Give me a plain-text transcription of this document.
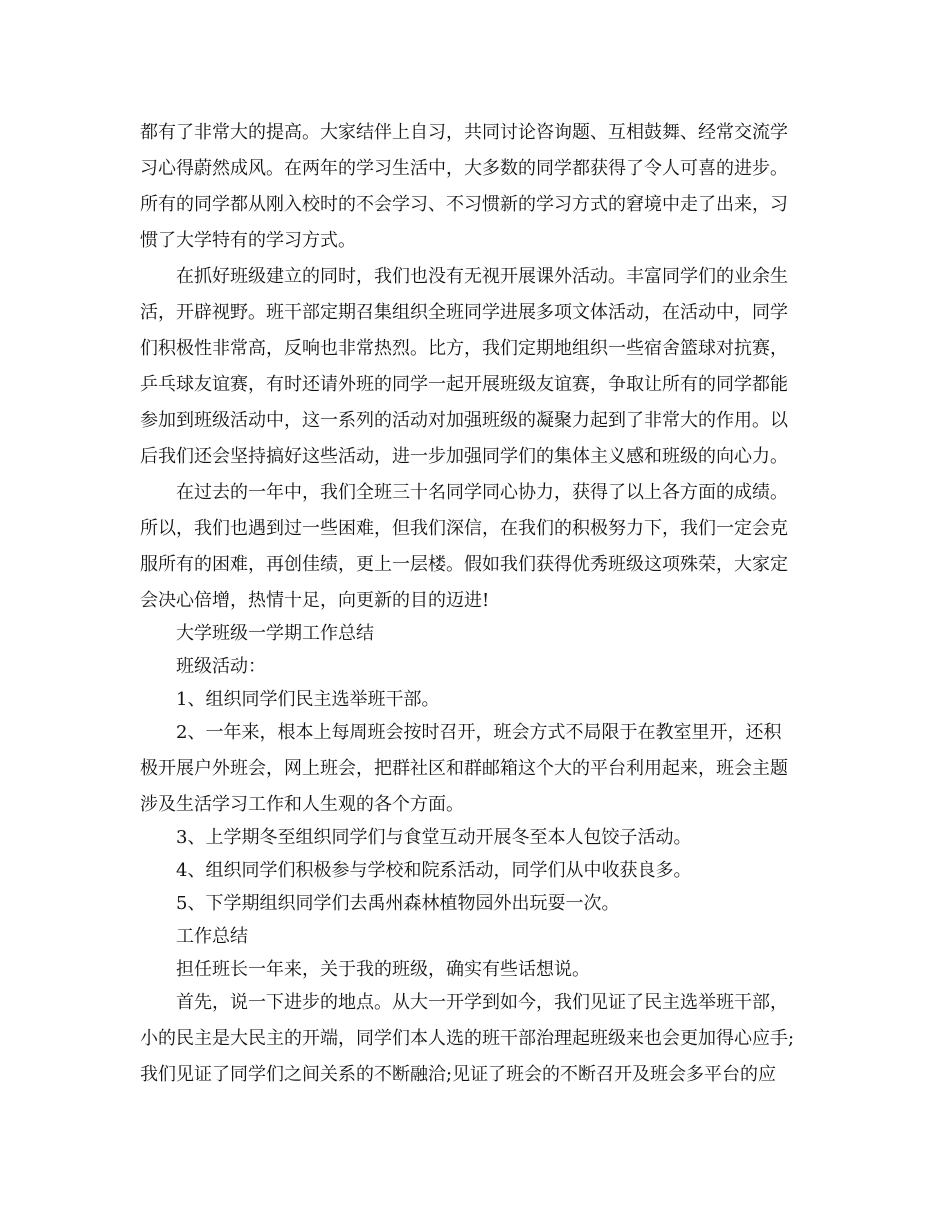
都有了非常大的提高。大家结伴上自习，共同讨论咨询题、互相鼓舞、经常交流学
习心得蔚然成风。在两年的学习生活中，大多数的同学都获得了令人可喜的进步。
所有的同学都从刚入校时的不会学习、不习惯新的学习方式的窘境中走了出来，习
惯了大学特有的学习方式。
在抓好班级建立的同时，我们也没有无视开展课外活动。丰富同学们的业余生
活，开辟视野。班干部定期召集组织全班同学进展多项文体活动，在活动中，同学
们积极性非常高，反响也非常热烈。比方，我们定期地组织一些宿舍篮球对抗赛，
乒乓球友谊赛，有时还请外班的同学一起开展班级友谊赛，争取让所有的同学都能
参加到班级活动中，这一系列的活动对加强班级的凝聚力起到了非常大的作用。以
后我们还会坚持搞好这些活动，进一步加强同学们的集体主义感和班级的向心力。
在过去的一年中，我们全班三十名同学同心协力，获得了以上各方面的成绩。
所以，我们也遇到过一些困难，但我们深信，在我们的积极努力下，我们一定会克
服所有的困难，再创佳绩，更上一层楼。假如我们获得优秀班级这项殊荣，大家定
会决心倍增，热情十足，向更新的目的迈进!
大学班级一学期工作总结
班级活动：
1、组织同学们民主选举班干部。
2、一年来，根本上每周班会按时召开，班会方式不局限于在教室里开，还积
极开展户外班会，网上班会，把群社区和群邮箱这个大的平台利用起来，班会主题
涉及生活学习工作和人生观的各个方面。
3、上学期冬至组织同学们与食堂互动开展冬至本人包饺子活动。
4、组织同学们积极参与学校和院系活动，同学们从中收获良多。
5、下学期组织同学们去禹州森林植物园外出玩耍一次。
工作总结
担任班长一年来，关于我的班级，确实有些话想说。
首先，说一下进步的地点。从大一开学到如今，我们见证了民主选举班干部，
小的民主是大民主的开端，同学们本人选的班干部治理起班级来也会更加得心应手;
我们见证了同学们之间关系的不断融洽;见证了班会的不断召开及班会多平台的应
